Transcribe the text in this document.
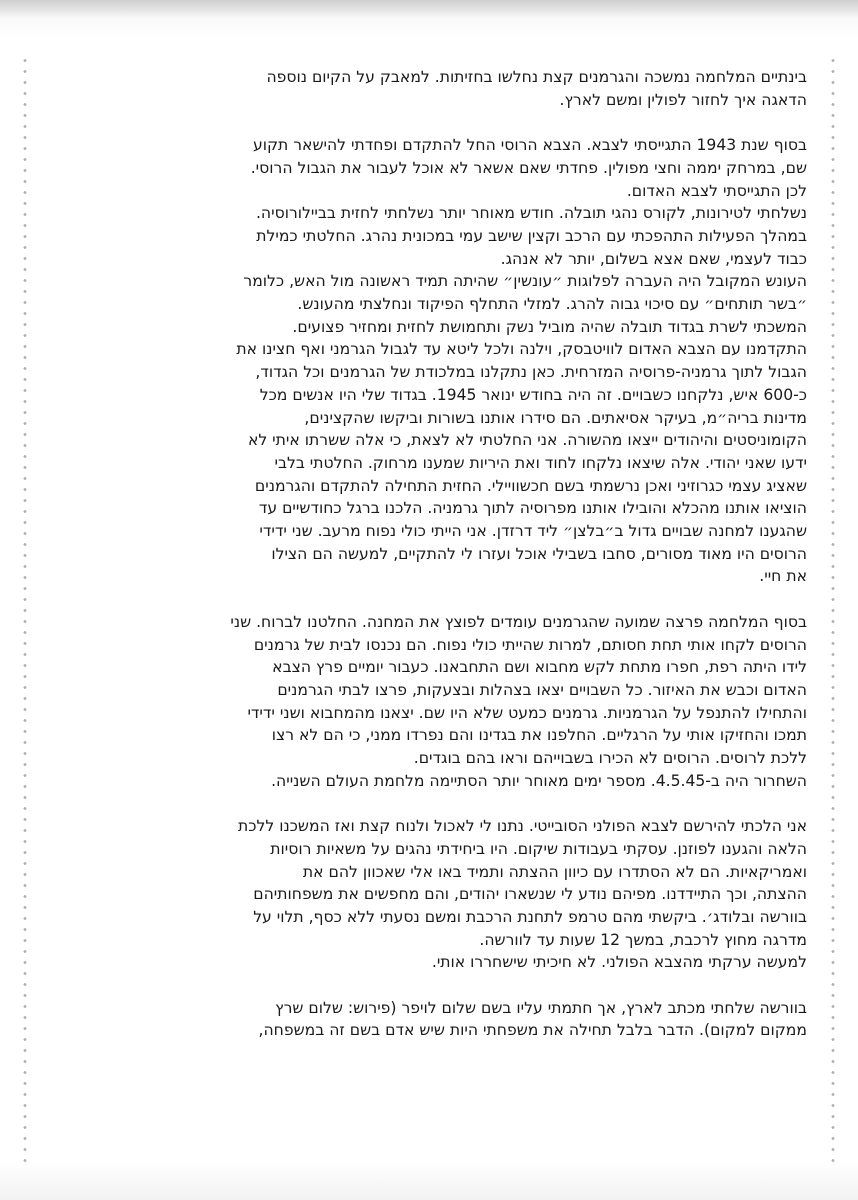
בינתיים המלחמה נמשכה והגרמנים קצת נחלשו בחזיתות. למאבק על הקיום נוספה
הדאגה איך לחזור לפולין ומשם לארץ.

בסוף שנת 1943 התגייסתי לצבא. הצבא הרוסי החל להתקדם ופחדתי להישאר תקוע
שם, במרחק יממה וחצי מפולין. פחדתי שאם אשאר לא אוכל לעבור את הגבול הרוסי.
לכן התגייסתי לצבא האדום.
נשלחתי לטירונות, לקורס נהגי תובלה. חודש מאוחר יותר נשלחתי לחזית בביילורוסיה.
במהלך הפעילות התהפכתי עם הרכב וקצין שישב עמי במכונית נהרג. החלטתי כמילת
כבוד לעצמי, שאם אצא בשלום, יותר לא אנהג.
העונש המקובל היה העברה לפלוגות ״עונשין״ שהיתה תמיד ראשונה מול האש, כלומר
״בשר תותחים״ עם סיכוי גבוה להרג. למזלי התחלף הפיקוד ונחלצתי מהעונש.
המשכתי לשרת בגדוד תובלה שהיה מוביל נשק ותחמושת לחזית ומחזיר פצועים.
התקדמנו עם הצבא האדום לוויטבסק, וילנה ולכל ליטא עד לגבול הגרמני ואף חצינו את
הגבול לתוך גרמניה-פרוסיה המזרחית. כאן נתקלנו במלכודת של הגרמנים וכל הגדוד,
כ-600 איש, נלקחנו כשבויים. זה היה בחודש ינואר 1945. בגדוד שלי היו אנשים מכל
מדינות בריה״מ, בעיקר אסיאתים. הם סידרו אותנו בשורות וביקשו שהקצינים,
הקומוניסטים והיהודים ייצאו מהשורה. אני החלטתי לא לצאת, כי אלה ששרתו איתי לא
ידעו שאני יהודי. אלה שיצאו נלקחו לחוד ואת היריות שמענו מרחוק. החלטתי בלבי
שאציג עצמי כגרוזיני ואכן נרשמתי בשם חכשוויילי. החזית התחילה להתקדם והגרמנים
הוציאו אותנו מהכלא והובילו אותנו מפרוסיה לתוך גרמניה. הלכנו ברגל כחודשיים עד
שהגענו למחנה שבויים גדול ב״בלצן״ ליד דרזדן. אני הייתי כולי נפוח מרעב. שני ידידי
הרוסים היו מאוד מסורים, סחבו בשבילי אוכל ועזרו לי להתקיים, למעשה הם הצילו
את חיי.

בסוף המלחמה פרצה שמועה שהגרמנים עומדים לפוצץ את המחנה. החלטנו לברוח. שני
הרוסים לקחו אותי תחת חסותם, למרות שהייתי כולי נפוח. הם נכנסו לבית של גרמנים
לידו היתה רפת, חפרו מתחת לקש מחבוא ושם התחבאנו. כעבור יומיים פרץ הצבא
האדום וכבש את האיזור. כל השבויים יצאו בצהלות ובצעקות, פרצו לבתי הגרמנים
והתחילו להתנפל על הגרמניות. גרמנים כמעט שלא היו שם. יצאנו מהמחבוא ושני ידידי
תמכו והחזיקו אותי על הרגליים. החלפנו את בגדינו והם נפרדו ממני, כי הם לא רצו
ללכת לרוסים. הרוסים לא הכירו בשבוייהם וראו בהם בוגדים.
השחרור היה ב-4.5.45. מספר ימים מאוחר יותר הסתיימה מלחמת העולם השנייה.

אני הלכתי להירשם לצבא הפולני הסובייטי. נתנו לי לאכול ולנוח קצת ואז המשכנו ללכת
הלאה והגענו לפוזנן. עסקתי בעבודות שיקום. היו ביחידתי נהגים על משאיות רוסיות
ואמריקאיות. הם לא הסתדרו עם כיוון ההצתה ותמיד באו אלי שאכוון להם את
ההצתה, וכך התיידדנו. מפיהם נודע לי שנשארו יהודים, והם מחפשים את משפחותיהם
בוורשה ובלודג׳. ביקשתי מהם טרמפ לתחנת הרכבת ומשם נסעתי ללא כסף, תלוי על
מדרגה מחוץ לרכבת, במשך 12 שעות עד לוורשה.
למעשה ערקתי מהצבא הפולני. לא חיכיתי שישחררו אותי.

בוורשה שלחתי מכתב לארץ, אך חתמתי עליו בשם שלום לויפר (פירוש: שלום שרץ
ממקום למקום). הדבר בלבל תחילה את משפחתי היות שיש אדם בשם זה במשפחה,
